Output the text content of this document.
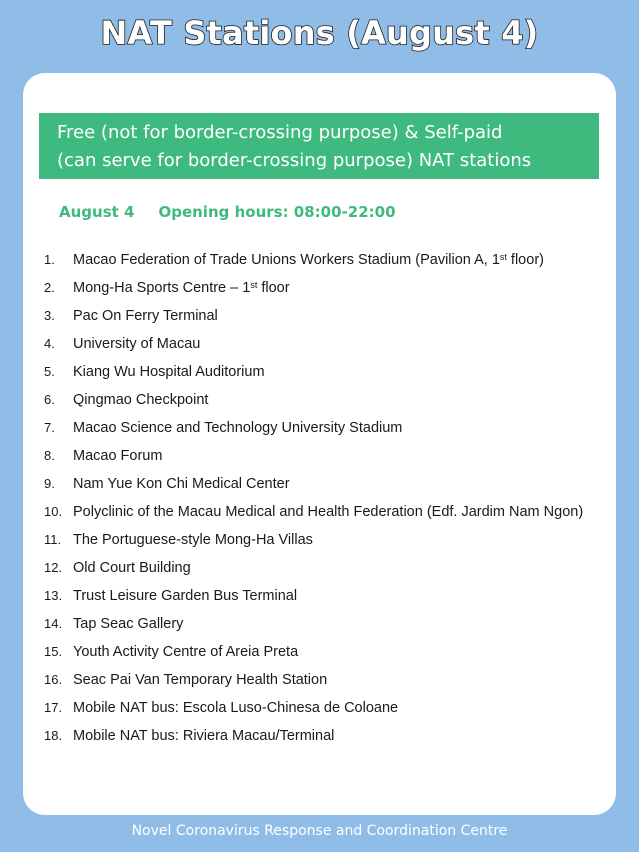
NAT Stations (August 4)
Free (not for border-crossing purpose) & Self-paid
(can serve for border-crossing purpose) NAT stations
August 4 Opening hours: 08:00-22:00
1. Macao Federation of Trade Unions Workers Stadium (Pavilion A, 1st floor)
2. Mong-Ha Sports Centre – 1st floor
3. Pac On Ferry Terminal
4. University of Macau
5. Kiang Wu Hospital Auditorium
6. Qingmao Checkpoint
7. Macao Science and Technology University Stadium
8. Macao Forum
9. Nam Yue Kon Chi Medical Center
10. Polyclinic of the Macau Medical and Health Federation (Edf. Jardim Nam Ngon)
11. The Portuguese-style Mong-Ha Villas
12. Old Court Building
13. Trust Leisure Garden Bus Terminal
14. Tap Seac Gallery
15. Youth Activity Centre of Areia Preta
16. Seac Pai Van Temporary Health Station
17. Mobile NAT bus: Escola Luso-Chinesa de Coloane
18. Mobile NAT bus: Riviera Macau/Terminal
Novel Coronavirus Response and Coordination Centre
